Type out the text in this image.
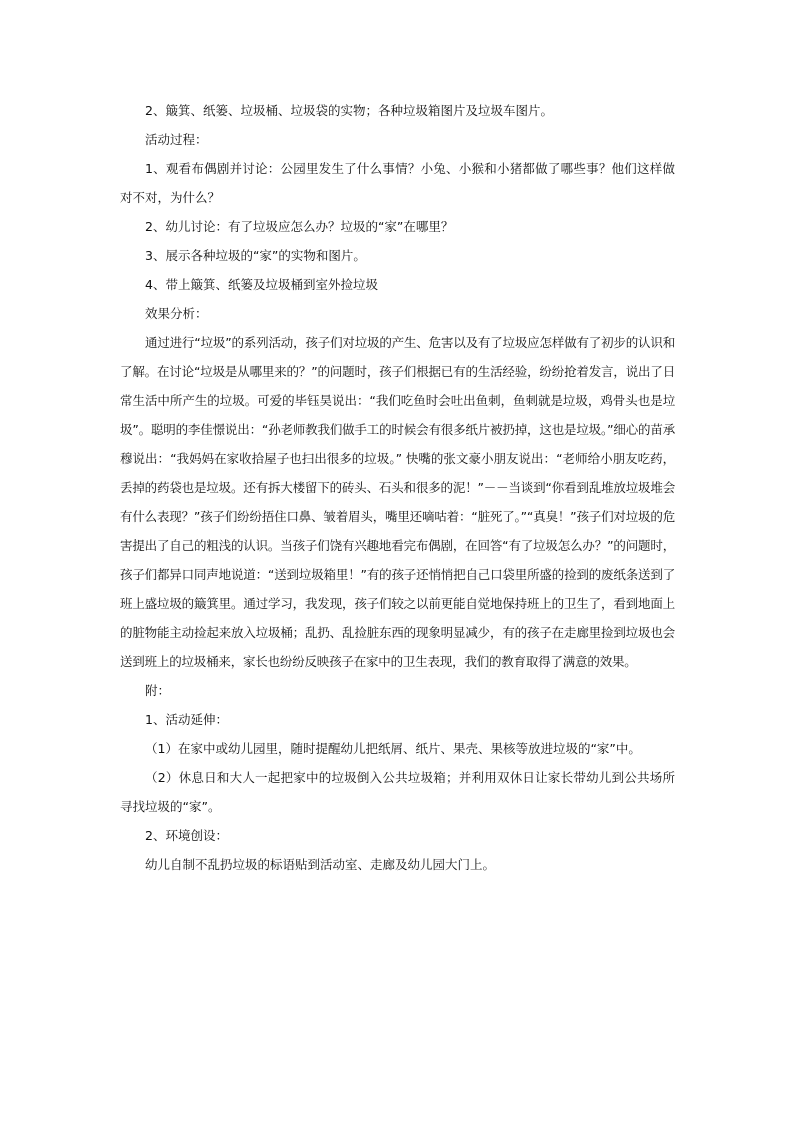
2、簸箕、纸篓、垃圾桶、垃圾袋的实物；各种垃圾箱图片及垃圾车图片。

活动过程：

1、观看布偶剧并讨论：公园里发生了什么事情？小兔、小猴和小猪都做了哪些事？他们这样做对不对，为什么？

2、幼儿讨论：有了垃圾应怎么办？垃圾的“家”在哪里？

3、展示各种垃圾的“家”的实物和图片。

4、带上簸箕、纸篓及垃圾桶到室外捡垃圾

效果分析：

通过进行“垃圾”的系列活动，孩子们对垃圾的产生、危害以及有了垃圾应怎样做有了初步的认识和了解。在讨论“垃圾是从哪里来的？”的问题时，孩子们根据已有的生活经验，纷纷抢着发言，说出了日常生活中所产生的垃圾。可爱的毕钰昊说出：“我们吃鱼时会吐出鱼刺，鱼刺就是垃圾，鸡骨头也是垃圾”。聪明的李佳憬说出：“孙老师教我们做手工的时候会有很多纸片被扔掉，这也是垃圾。”细心的苗承穆说出：“我妈妈在家收拾屋子也扫出很多的垃圾。” 快嘴的张文豪小朋友说出：“老师给小朋友吃药，丢掉的药袋也是垃圾。还有拆大楼留下的砖头、石头和很多的泥！”－－当谈到“你看到乱堆放垃圾堆会有什么表现？”孩子们纷纷捂住口鼻、皱着眉头，嘴里还嘀咕着：“脏死了。”“真臭！”孩子们对垃圾的危害提出了自己的粗浅的认识。当孩子们饶有兴趣地看完布偶剧，在回答“有了垃圾怎么办？”的问题时，孩子们都异口同声地说道：“送到垃圾箱里！”有的孩子还悄悄把自己口袋里所盛的捡到的废纸条送到了班上盛垃圾的簸箕里。通过学习，我发现，孩子们较之以前更能自觉地保持班上的卫生了，看到地面上的脏物能主动捡起来放入垃圾桶；乱扔、乱捡脏东西的现象明显减少，有的孩子在走廊里捡到垃圾也会送到班上的垃圾桶来，家长也纷纷反映孩子在家中的卫生表现，我们的教育取得了满意的效果。

附：

1、活动延伸：

（1）在家中或幼儿园里，随时提醒幼儿把纸屑、纸片、果壳、果核等放进垃圾的“家”中。

（2）休息日和大人一起把家中的垃圾倒入公共垃圾箱；并利用双休日让家长带幼儿到公共场所寻找垃圾的“家”。

2、环境创设：

幼儿自制不乱扔垃圾的标语贴到活动室、走廊及幼儿园大门上。
